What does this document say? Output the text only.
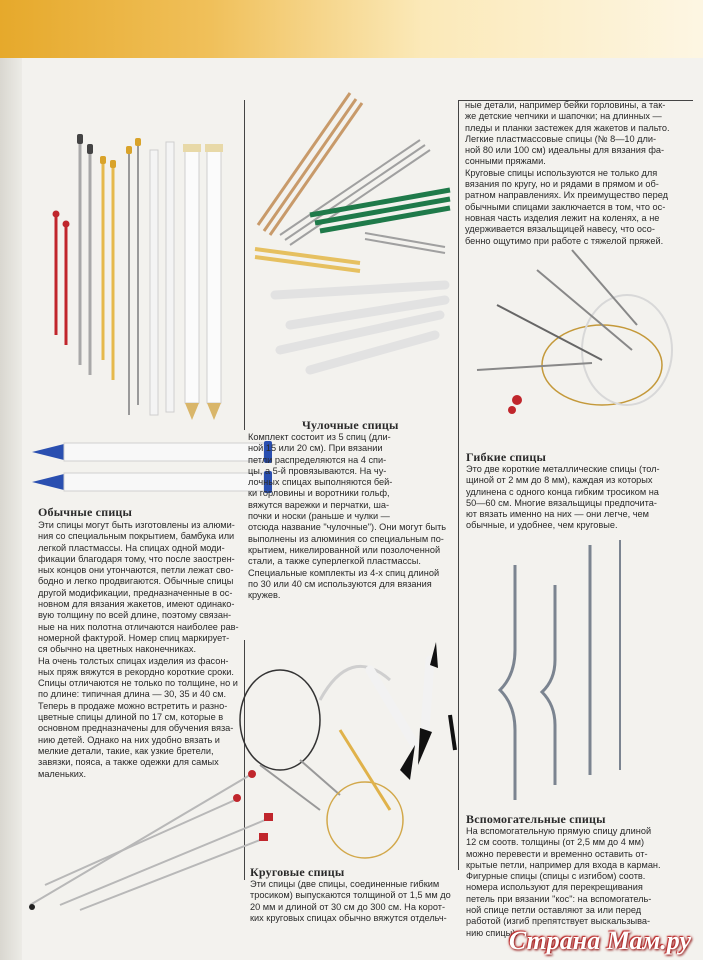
Обычные спицы

Эти спицы могут быть изготовлены из алюми-
ния со специальным покрытием, бамбука или
легкой пластмассы. На спицах одной моди-
фикации благодаря тому, что после заострен-
ных концов они утончаются, петли лежат сво-
бодно и легко продвигаются. Обычные спицы
другой модификации, предназначенные в ос-
новном для вязания жакетов, имеют одинако-
вую толщину по всей длине, поэтому связан-
ные на них полотна отличаются наиболее рав-
номерной фактурой. Номер спиц маркирует-
ся обычно на цветных наконечниках.
На очень толстых спицах изделия из фасон-
ных пряж вяжутся в рекордно короткие сроки.
Спицы отличаются не только по толщине, но и
по длине: типичная длина — 30, 35 и 40 см.
Теперь в продаже можно встретить и разно-
цветные спицы длиной по 17 см, которые в
основном предназначены для обучения вяза-
нию детей. Однако на них удобно вязать и
мелкие детали, такие, как узкие бретели,
завязки, пояса, а также одежки для самых
маленьких.

Чулочные спицы

Комплект состоит из 5 спиц (дли-
ной 15 или 20 см). При вязании
петли распределяются на 4 спи-
цы, а 5-й провязываются. На чу-
лочных спицах выполняются бей-
ки горловины и воротники гольф,
вяжутся варежки и перчатки, ша-
почки и носки (раньше и чулки —
отсюда название "чулочные"). Они могут быть
выполнены из алюминия со специальным по-
крытием, никелированной или позолоченной
стали, а также суперлегкой пластмассы.
Специальные комплекты из 4-х спиц длиной
по 30 или 40 см используются для вязания
кружев.

ные детали, например бейки горловины, а так-
же детские чепчики и шапочки; на длинных —
пледы и планки застежек для жакетов и пальто.
Легкие пластмассовые спицы (№ 8—10 дли-
ной 80 или 100 см) идеальны для вязания фа-
сонными пряжами.
Круговые спицы используются не только для
вязания по кругу, но и рядами в прямом и об-
ратном направлениях. Их преимущество перед
обычными спицами заключается в том, что ос-
новная часть изделия лежит на коленях, а не
удерживается вязальщицей навесу, что осо-
бенно ощутимо при работе с тяжелой пряжей.

Гибкие спицы

Это две короткие металлические спицы (тол-
щиной от 2 мм до 8 мм), каждая из которых
удлинена с одного конца гибким тросиком на
50—60 см. Многие вязальщицы предпочита-
ют вязать именно на них — они легче, чем
обычные, и удобнее, чем круговые.

Круговые спицы

Эти спицы (две спицы, соединенные гибким
тросиком) выпускаются толщиной от 1,5 мм до
20 мм и длиной от 30 см до 300 см. На корот-
ких круговых спицах обычно вяжутся отдельч-

Вспомогательные спицы

На вспомогательную прямую спицу длиной
12 см соотв. толщины (от 2,5 мм до 4 мм)
можно перевести и временно оставить от-
крытые петли, например для входа в карман.
Фигурные спицы (спицы с изгибом) соотв.
номера используют для перекрещивания
петель при вязании "кос": на вспомогатель-
ной спице петли оставляют за или перед
работой (изгиб препятствует выскальзыва-
нию спицы).

Страна Мам.ру
